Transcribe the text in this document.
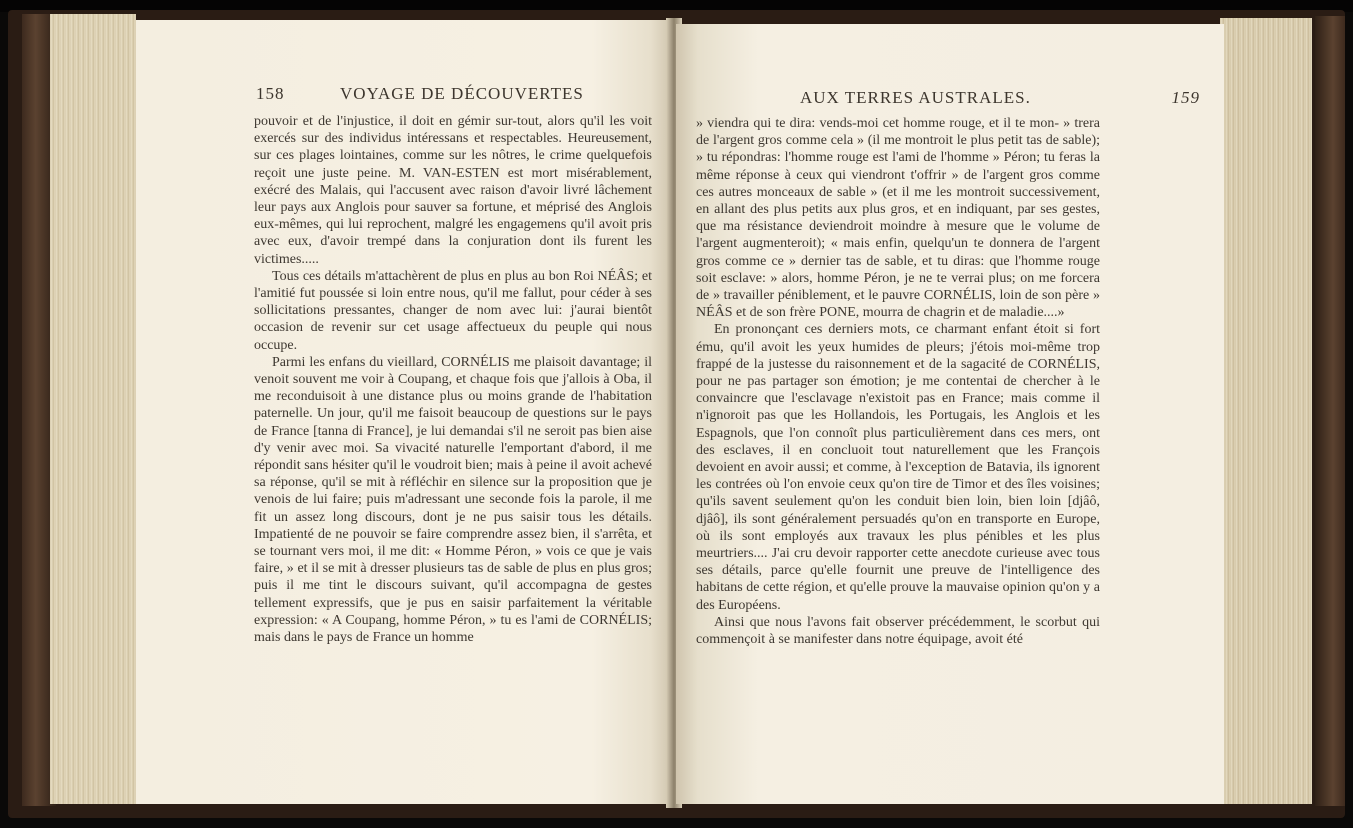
158	VOYAGE DE DÉCOUVERTES

pouvoir et de l'injustice, il doit en gémir sur-tout, alors qu'il les voit exercés sur des individus intéressans et respectables. Heureusement, sur ces plages lointaines, comme sur les nôtres, le crime quelquefois reçoit une juste peine. M. VAN-ESTEN est mort misérablement, exécré des Malais, qui l'accusent avec raison d'avoir livré lâchement leur pays aux Anglois pour sauver sa fortune, et méprisé des Anglois eux-mêmes, qui lui reprochent, malgré les engagemens qu'il avoit pris avec eux, d'avoir trempé dans la conjuration dont ils furent les victimes.....

Tous ces détails m'attachèrent de plus en plus au bon Roi NÉÂS; et l'amitié fut poussée si loin entre nous, qu'il me fallut, pour céder à ses sollicitations pressantes, changer de nom avec lui: j'aurai bientôt occasion de revenir sur cet usage affectueux du peuple qui nous occupe.

Parmi les enfans du vieillard, CORNÉLIS me plaisoit davantage; il venoit souvent me voir à Coupang, et chaque fois que j'allois à Oba, il me reconduisoit à une distance plus ou moins grande de l'habitation paternelle. Un jour, qu'il me faisoit beaucoup de questions sur le pays de France [tanna di France], je lui demandai s'il ne seroit pas bien aise d'y venir avec moi. Sa vivacité naturelle l'emportant d'abord, il me répondit sans hésiter qu'il le voudroit bien; mais à peine il avoit achevé sa réponse, qu'il se mit à réfléchir en silence sur la proposition que je venois de lui faire; puis m'adressant une seconde fois la parole, il me fit un assez long discours, dont je ne pus saisir tous les détails. Impatienté de ne pouvoir se faire comprendre assez bien, il s'arrêta, et se tournant vers moi, il me dit: « Homme Péron, » vois ce que je vais faire, » et il se mit à dresser plusieurs tas de sable de plus en plus gros; puis il me tint le discours suivant, qu'il accompagna de gestes tellement expressifs, que je pus en saisir parfaitement la véritable expression: « A Coupang, homme Péron, » tu es l'ami de CORNÉLIS; mais dans le pays de France un homme

AUX TERRES AUSTRALES.	159

» viendra qui te dira: vends-moi cet homme rouge, et il te mon- » trera de l'argent gros comme cela » (il me montroit le plus petit tas de sable); » tu répondras: l'homme rouge est l'ami de l'homme » Péron; tu feras la même réponse à ceux qui viendront t'offrir » de l'argent gros comme ces autres monceaux de sable » (et il me les montroit successivement, en allant des plus petits aux plus gros, et en indiquant, par ses gestes, que ma résistance deviendroit moindre à mesure que le volume de l'argent augmenteroit); « mais enfin, quelqu'un te donnera de l'argent gros comme ce » dernier tas de sable, et tu diras: que l'homme rouge soit esclave: » alors, homme Péron, je ne te verrai plus; on me forcera de » travailler péniblement, et le pauvre CORNÉLIS, loin de son père » NÉÂS et de son frère PONE, mourra de chagrin et de maladie....»

En prononçant ces derniers mots, ce charmant enfant étoit si fort ému, qu'il avoit les yeux humides de pleurs; j'étois moi-même trop frappé de la justesse du raisonnement et de la sagacité de CORNÉLIS, pour ne pas partager son émotion; je me contentai de chercher à le convaincre que l'esclavage n'existoit pas en France; mais comme il n'ignoroit pas que les Hollandois, les Portugais, les Anglois et les Espagnols, que l'on connoît plus particulièrement dans ces mers, ont des esclaves, il en concluoit tout naturellement que les François devoient en avoir aussi; et comme, à l'exception de Batavia, ils ignorent les contrées où l'on envoie ceux qu'on tire de Timor et des îles voisines; qu'ils savent seulement qu'on les conduit bien loin, bien loin [djâô, djâô], ils sont généralement persuadés qu'on en transporte en Europe, où ils sont employés aux travaux les plus pénibles et les plus meurtriers.... J'ai cru devoir rapporter cette anecdote curieuse avec tous ses détails, parce qu'elle fournit une preuve de l'intelligence des habitans de cette région, et qu'elle prouve la mauvaise opinion qu'on y a des Européens.

Ainsi que nous l'avons fait observer précédemment, le scorbut qui commençoit à se manifester dans notre équipage, avoit été
